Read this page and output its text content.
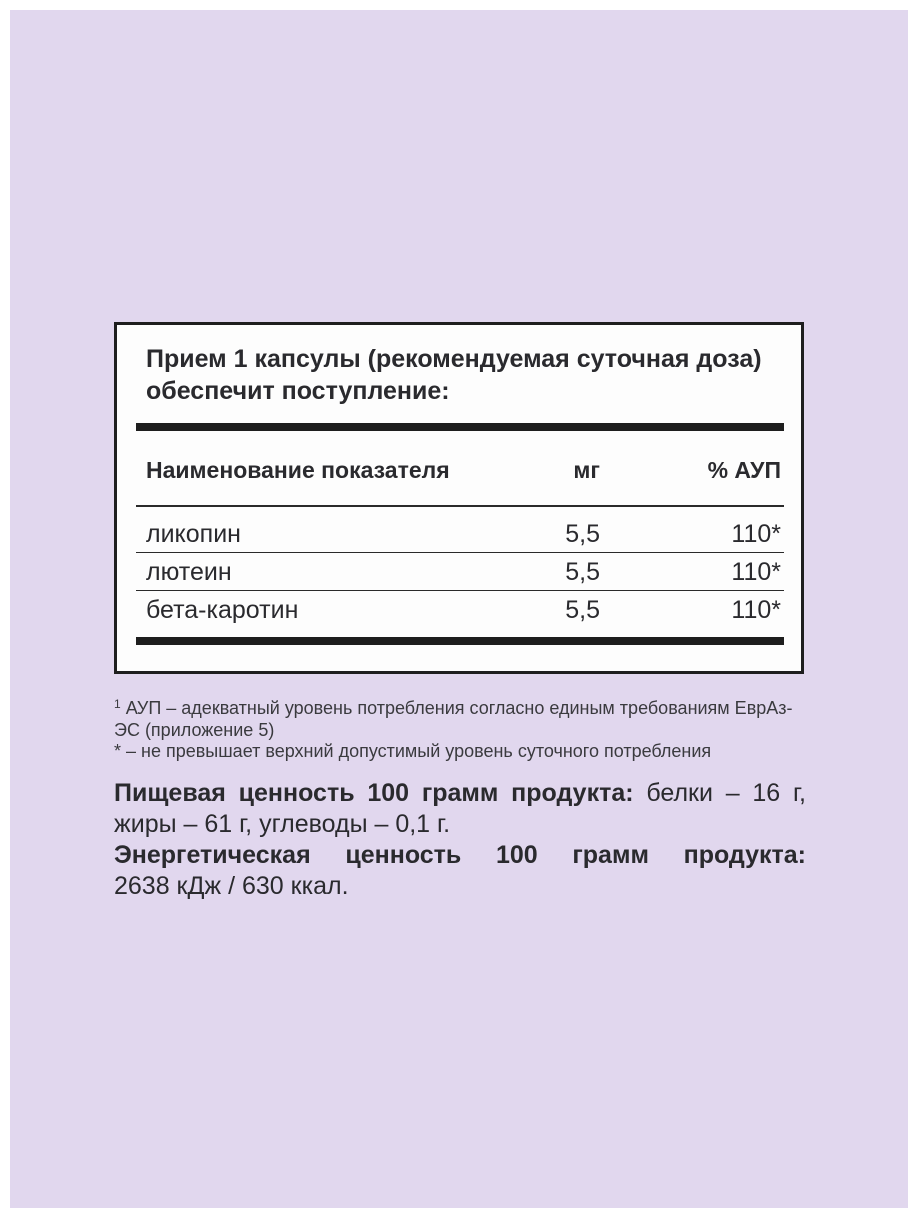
Прием 1 капсулы (рекомендуемая суточная доза) обеспечит поступление:
Наименование показателя	мг	% АУП
ликопин	5,5	110*
лютеин	5,5	110*
бета-каротин	5,5	110*
$^1$ АУП – адекватный уровень потребления согласно единым требованиям ЕврАз-
ЭС (приложение 5)
* – не превышает верхний допустимый уровень суточного потребления

Пищевая ценность 100 грамм продукта: белки – 16 г,

жиры – 61 г, углеводы – 0,1 г.

Энергетическая ценность 100 грамм продукта:

2638 кДж / 630 ккал.
